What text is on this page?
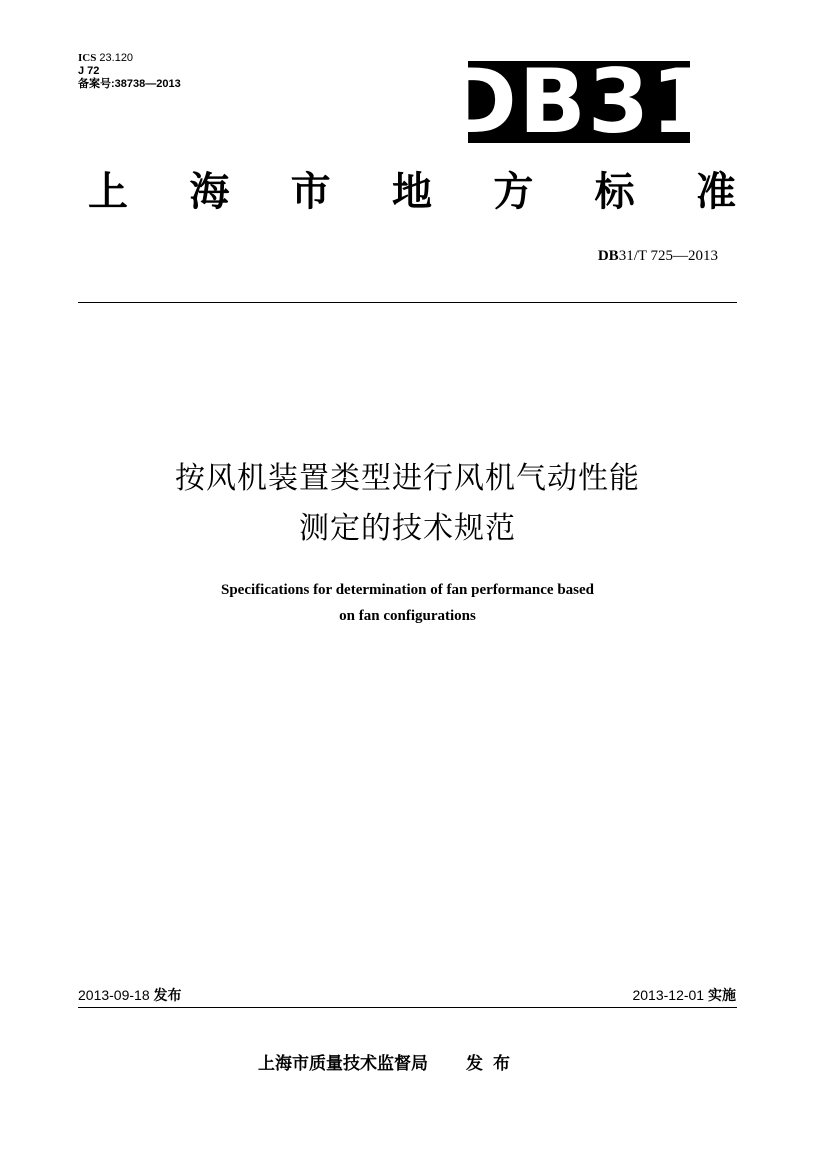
ICS 23.120
J 72
备案号:38738—2013	DB31
上 海 市 地 方 标 准
DB31/T 725—2013
按风机装置类型进行风机气动性能
测定的技术规范
Specifications for determination of fan performance based
on fan configurations
2013-09-18 发布	2013-12-01 实施
上海市质量技术监督局 发布
